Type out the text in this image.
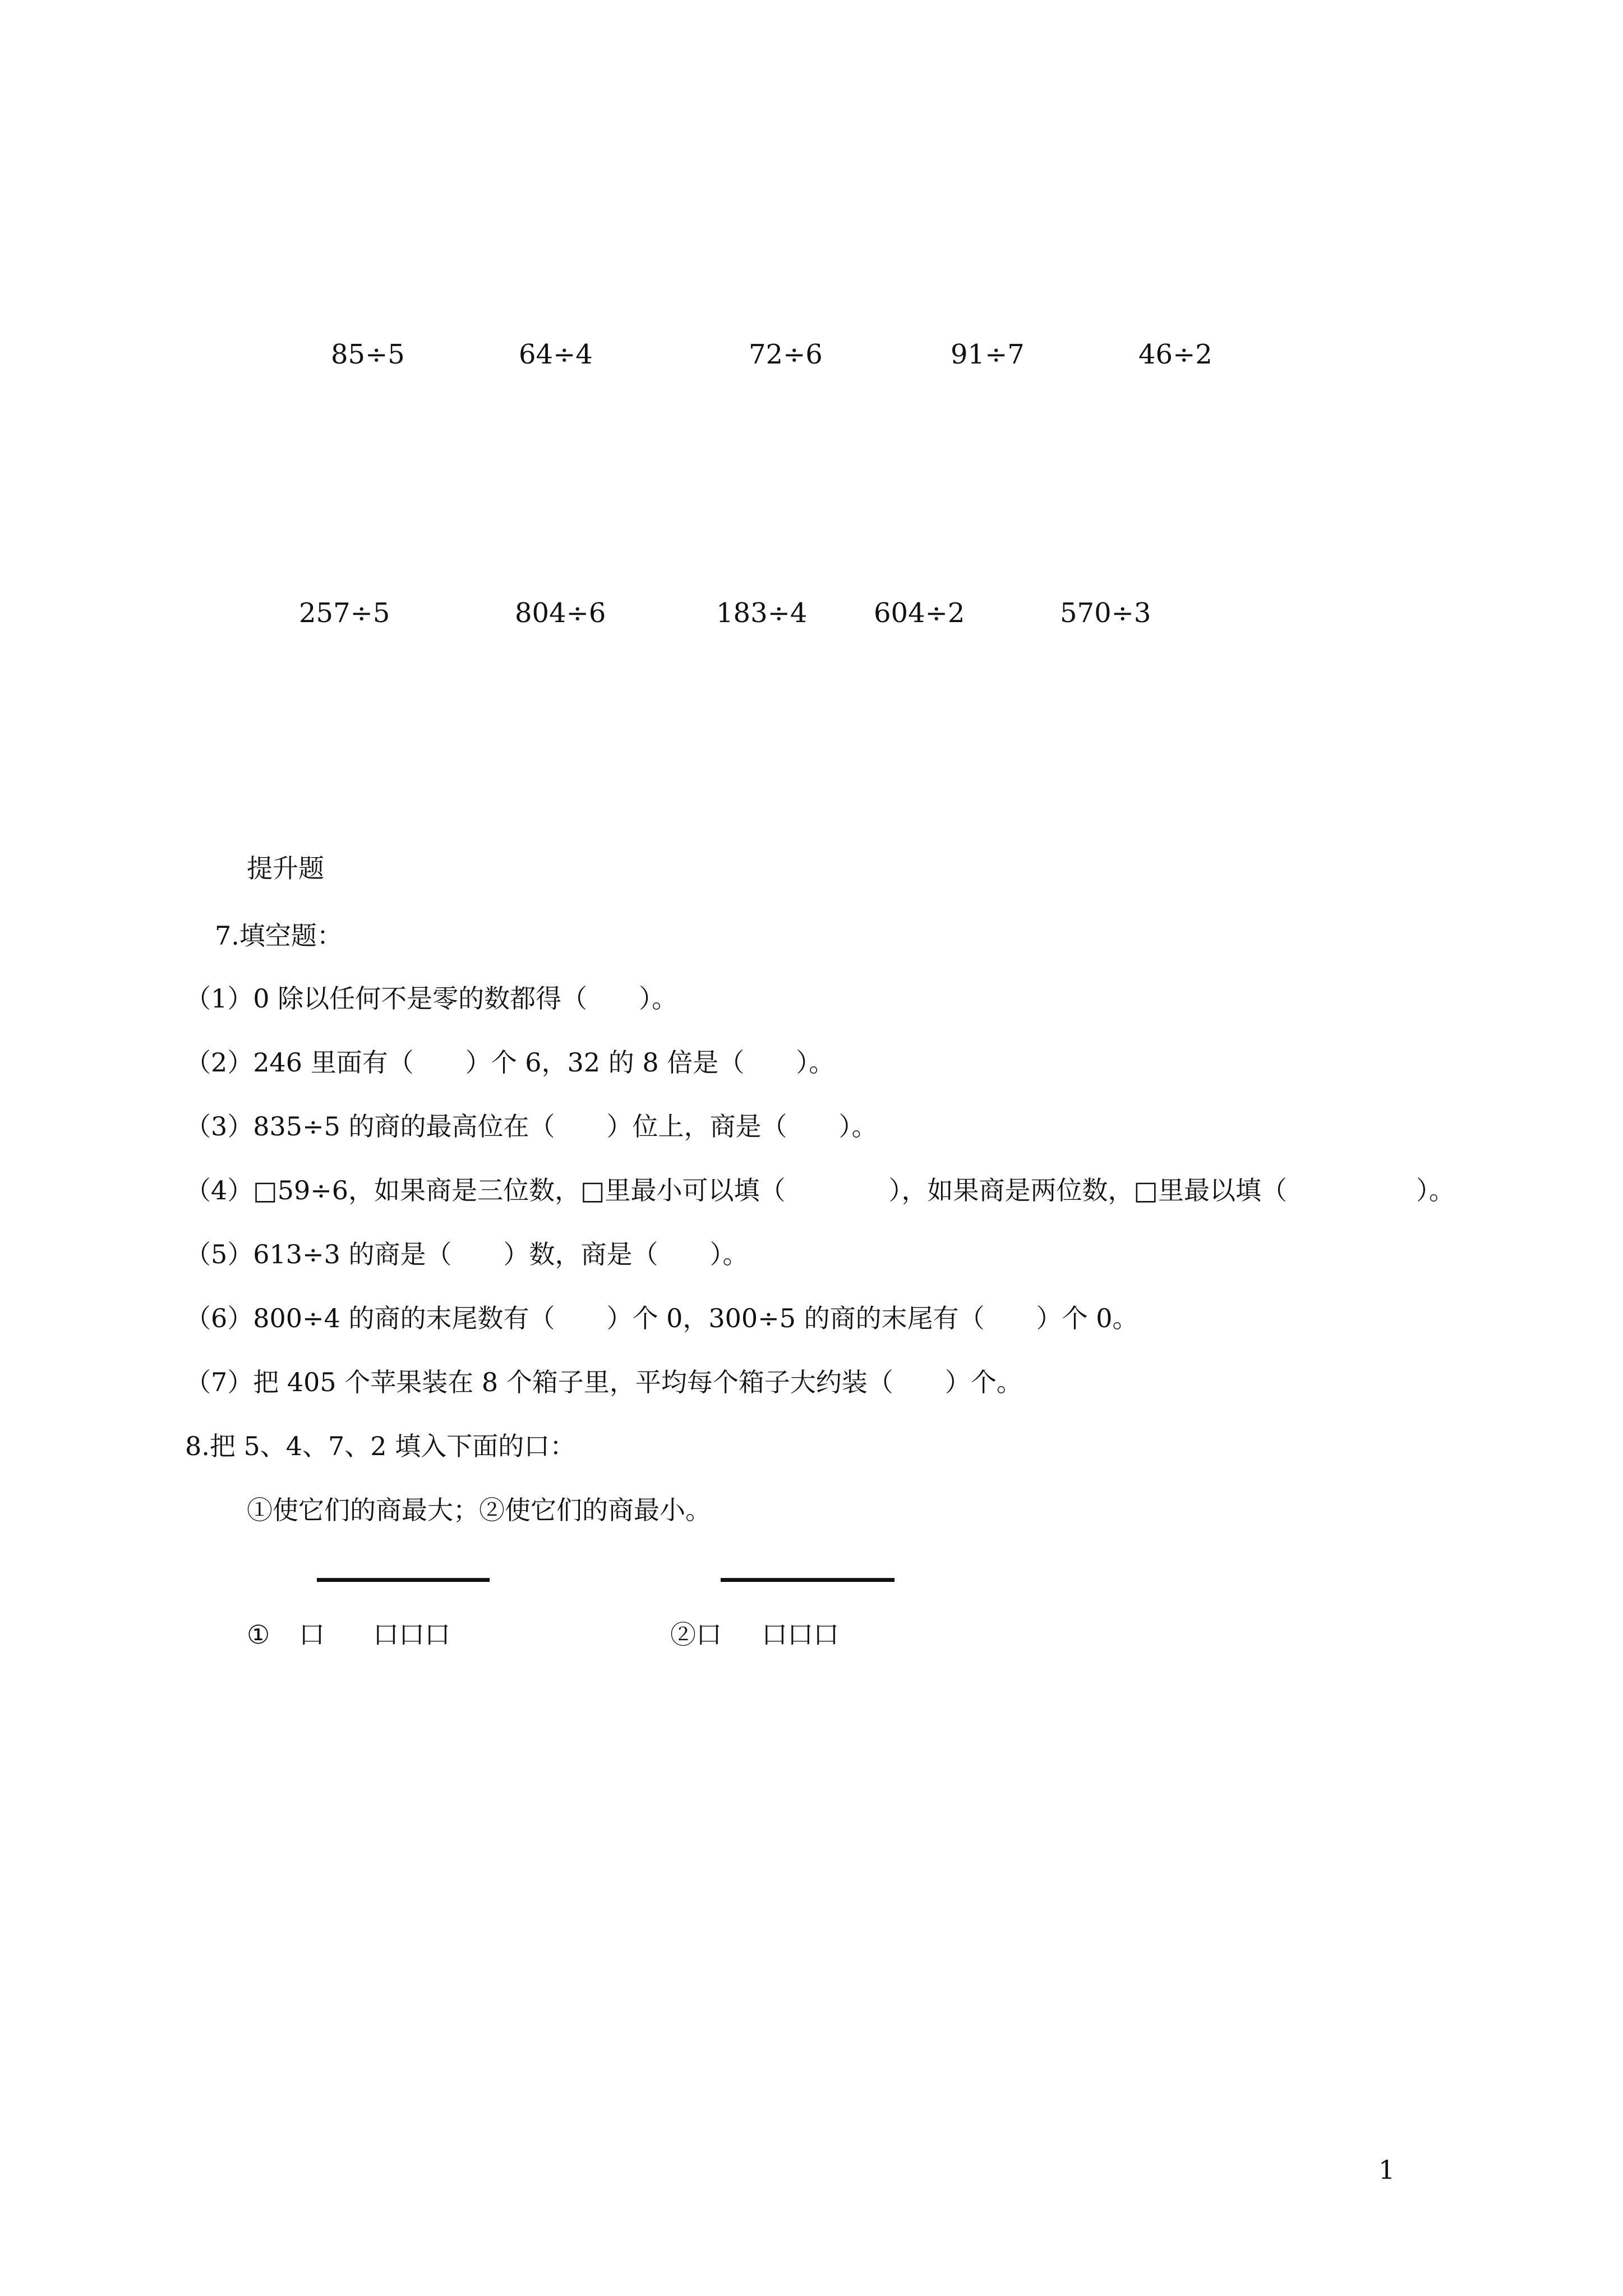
85÷5	64÷4	72÷6	91÷7	46÷2
257÷5	804÷6	183÷4 604÷2	570÷3
提升题
7.填空题：
（1）0 除以任何不是零的数都得（　　）。
（2）246 里面有（　　）个 6，32 的 8 倍是（　　）。
（3）835÷5 的商的最高位在（　　）位上，商是（　　）。
（4）□59÷6，如果商是三位数，□里最小可以填（　　　　），如果商是两位数，□里最以填（　　　　　）。
（5）613÷3 的商是（　　）数，商是（　　）。
（6）800÷4 的商的末尾数有（　　）个 0，300÷5 的商的末尾有（　　）个 0。
（7）把 405 个苹果装在 8 个箱子里，平均每个箱子大约装（　　）个。
8.把 5、4、7、2 填入下面的口：
①使它们的商最大；②使它们的商最小。
① 口 口口口	②口 口口口
1
